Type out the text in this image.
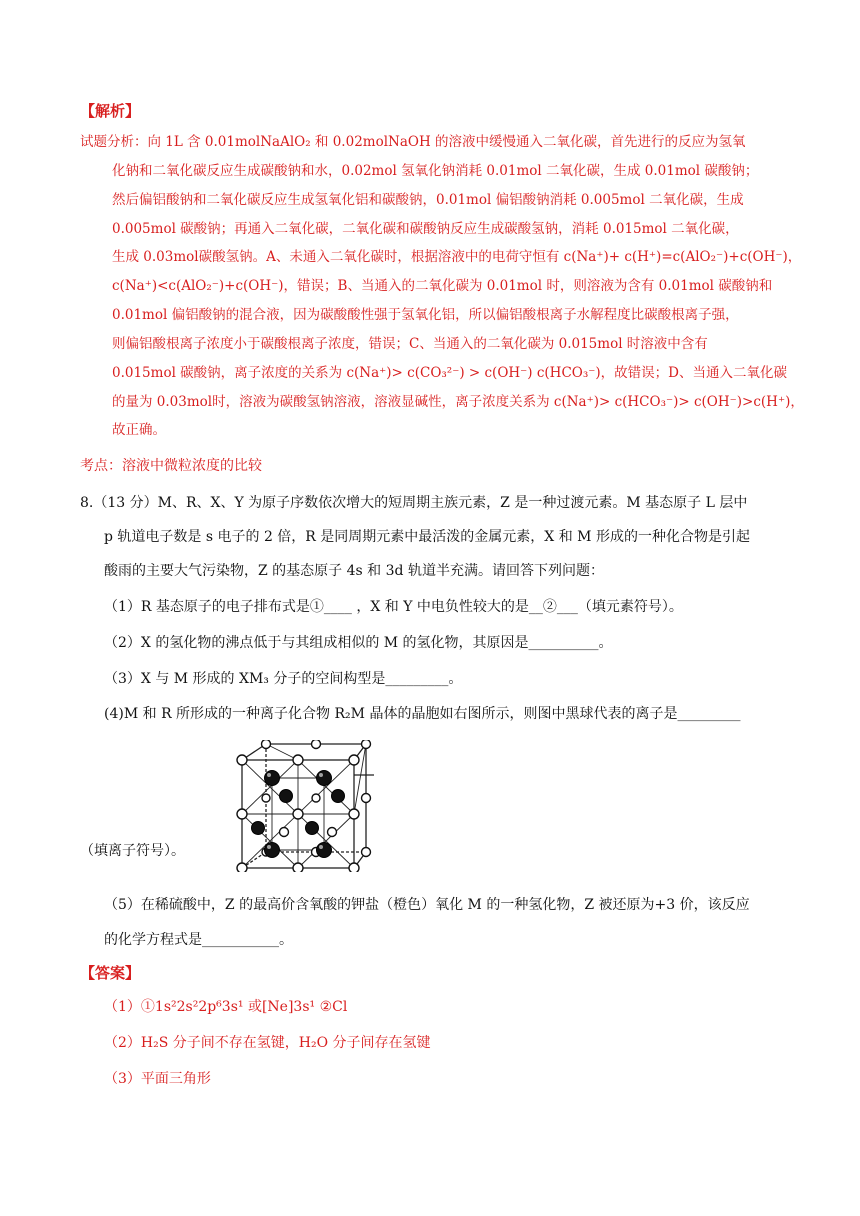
【解析】
试题分析：向 1L 含 0.01molNaAlO₂ 和 0.02molNaOH 的溶液中缓慢通入二氧化碳，首先进行的反应为氢氧
化钠和二氧化碳反应生成碳酸钠和水，0.02mol 氢氧化钠消耗 0.01mol 二氧化碳，生成 0.01mol 碳酸钠；
然后偏铝酸钠和二氧化碳反应生成氢氧化铝和碳酸钠，0.01mol 偏铝酸钠消耗 0.005mol 二氧化碳，生成
0.005mol 碳酸钠；再通入二氧化碳，二氧化碳和碳酸钠反应生成碳酸氢钠，消耗 0.015mol 二氧化碳，
生成 0.03mol碳酸氢钠。A、未通入二氧化碳时，根据溶液中的电荷守恒有 c(Na⁺)+ c(H⁺)=c(AlO₂⁻)+c(OH⁻)，
c(Na⁺)<c(AlO₂⁻)+c(OH⁻)，错误；B、当通入的二氧化碳为 0.01mol 时，则溶液为含有 0.01mol 碳酸钠和
0.01mol 偏铝酸钠的混合液，因为碳酸酸性强于氢氧化铝，所以偏铝酸根离子水解程度比碳酸根离子强，
则偏铝酸根离子浓度小于碳酸根离子浓度，错误；C、当通入的二氧化碳为 0.015mol 时溶液中含有
0.015mol 碳酸钠，离子浓度的关系为 c(Na⁺)> c(CO₃²⁻) > c(OH⁻) c(HCO₃⁻)，故错误；D、当通入二氧化碳
的量为 0.03mol时，溶液为碳酸氢钠溶液，溶液显碱性，离子浓度关系为 c(Na⁺)> c(HCO₃⁻)> c(OH⁻)>c(H⁺)，
故正确。
考点：溶液中微粒浓度的比较
8.（13 分）M、R、X、Y 为原子序数依次增大的短周期主族元素，Z 是一种过渡元素。M 基态原子 L 层中
p 轨道电子数是 s 电子的 2 倍，R 是同周期元素中最活泼的金属元素，X 和 M 形成的一种化合物是引起
酸雨的主要大气污染物，Z 的基态原子 4s 和 3d 轨道半充满。请回答下列问题：
（1）R 基态原子的电子排布式是①____ ，X 和 Y 中电负性较大的是__②___（填元素符号）。
（2）X 的氢化物的沸点低于与其组成相似的 M 的氢化物，其原因是__________。
（3）X 与 M 形成的 XM₃ 分子的空间构型是_________。
(4)M 和 R 所形成的一种离子化合物 R₂M 晶体的晶胞如右图所示，则图中黑球代表的离子是_________
（填离子符号）。
（5）在稀硫酸中，Z 的最高价含氧酸的钾盐（橙色）氧化 M 的一种氢化物，Z 被还原为+3 价，该反应
的化学方程式是___________。
【答案】
（1）①1s²2s²2p⁶3s¹ 或[Ne]3s¹ ②Cl
（2）H₂S 分子间不存在氢键，H₂O 分子间存在氢键
（3）平面三角形
